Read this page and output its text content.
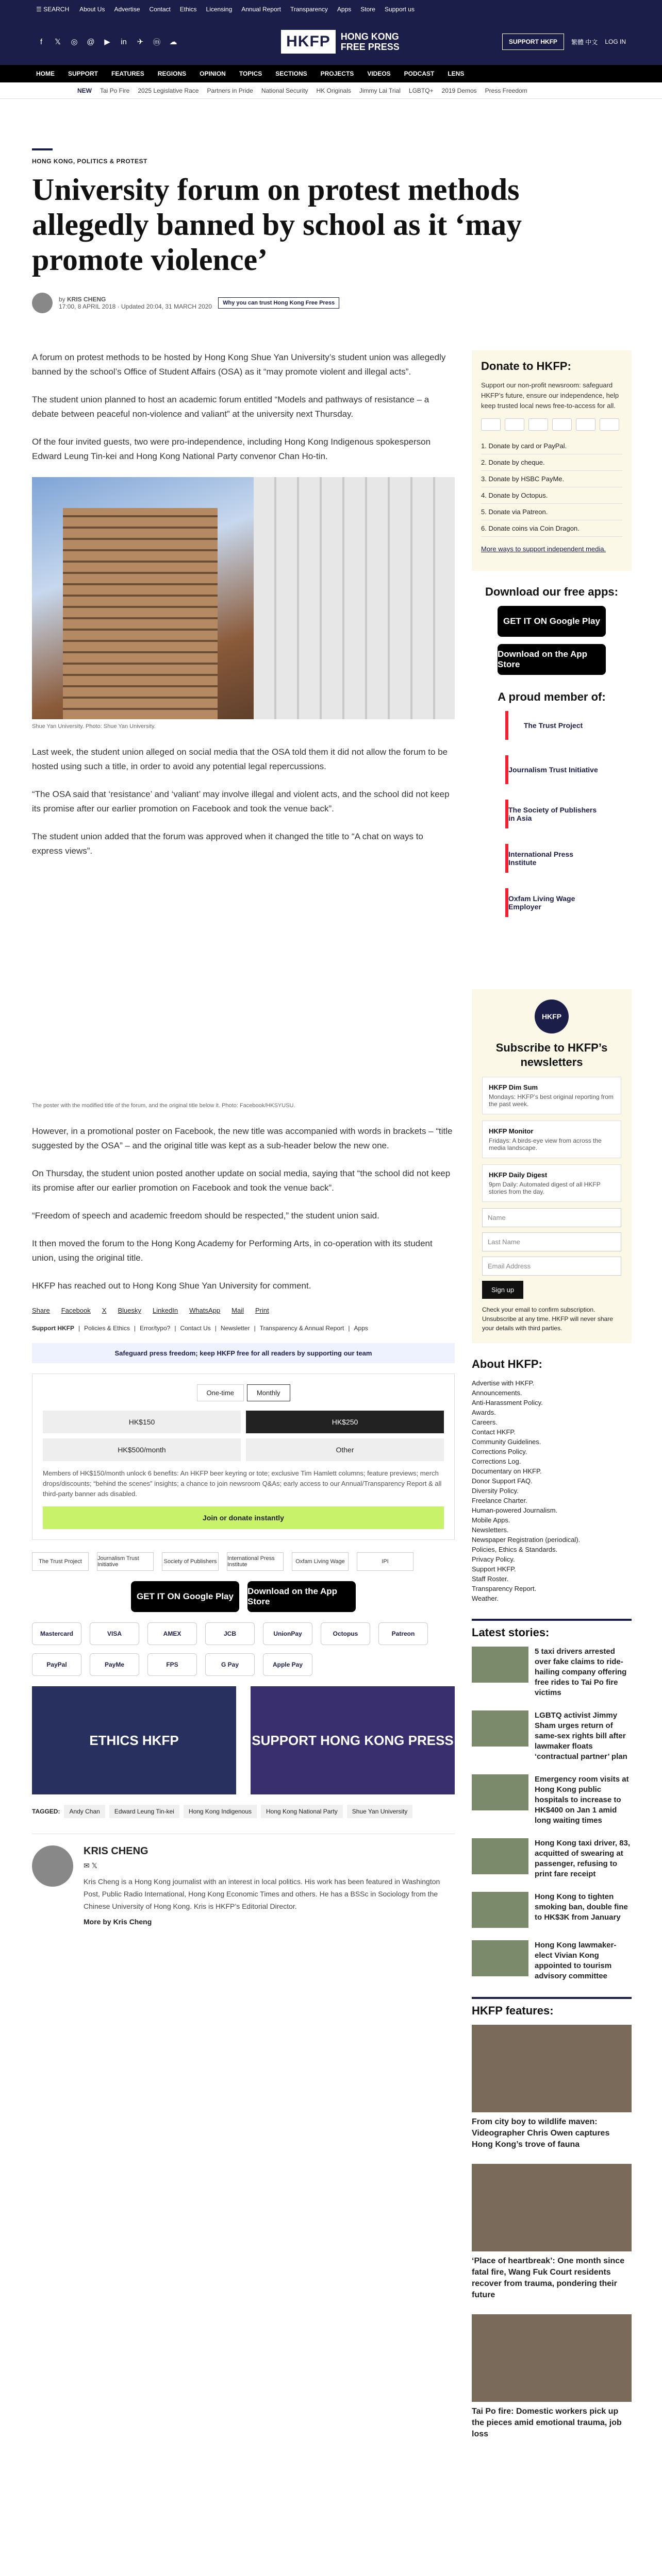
☰ SEARCH About Us Advertise Contact Ethics Licensing Annual Report Transparency Apps Store Support us
f	𝕏 ◎ @ ▶ in ✈ ⓜ ☁	HKFP	HONG KONG
FREE PRESS	SUPPORT HKFP	繁體 中文 LOG IN
HOME SUPPORT FEATURES REGIONS OPINION TOPICS SECTIONS PROJECTS VIDEOS PODCAST LENS
NEW Tai Po Fire 2025 Legislative Race Partners in Pride National Security HK Originals Jimmy Lai Trial LGBTQ+ 2019 Demos Press Freedom
HONG KONG, POLITICS & PROTEST
University forum on protest methods allegedly banned by school as it ‘may promote violence’
by KRIS CHENG
17:00, 8 APRIL 2018 · Updated 20:04, 31 MARCH 2020	Why you can trust Hong Kong Free Press

A forum on protest methods to be hosted by Hong Kong Shue Yan University’s student union was allegedly banned by the school’s Office of Student Affairs (OSA) as it “may promote violent and illegal acts”.

The student union planned to host an academic forum entitled “Models and pathways of resistance – a debate between peaceful non-violence and valiant” at the university next Thursday.

Of the four invited guests, two were pro-independence, including Hong Kong Indigenous spokesperson Edward Leung Tin-kei and Hong Kong National Party convenor Chan Ho-tin.

Shue Yan University. Photo: Shue Yan University.

Last week, the student union alleged on social media that the OSA told them it did not allow the forum to be hosted using such a title, in order to avoid any potential legal repercussions.

“The OSA said that ‘resistance’ and ‘valiant’ may involve illegal and violent acts, and the school did not keep its promise after our earlier promotion on Facebook and took the venue back”.

The student union added that the forum was approved when it changed the title to “A chat on ways to express views”.

The poster with the modified title of the forum, and the original title below it. Photo: Facebook/HKSYUSU.

However, in a promotional poster on Facebook, the new title was accompanied with words in brackets – “title suggested by the OSA” – and the original title was kept as a sub-header below the new one.

On Thursday, the student union posted another update on social media, saying that “the school did not keep its promise after our earlier promotion on Facebook and took the venue back”.

“Freedom of speech and academic freedom should be respected,” the student union said.

It then moved the forum to the Hong Kong Academy for Performing Arts, in co-operation with its student union, using the original title.

HKFP has reached out to Hong Kong Shue Yan University for comment.

Share Facebook X Bluesky LinkedIn WhatsApp Mail Print
Support HKFP | Policies & Ethics | Error/typo? | Contact Us | Newsletter | Transparency & Annual Report | Apps
Safeguard press freedom; keep HKFP free for all readers by supporting our team
One-time	Monthly
HK$150	HK$250
HK$500/month	Other
Members of HK$150/month unlock 6 benefits: An HKFP beer keyring or tote; exclusive Tim Hamlett columns; feature previews; merch drops/discounts; “behind the scenes” insights; a chance to join newsroom Q&As; early access to our Annual/Transparency Report & all third-party banner ads disabled.
Join or donate instantly
The Trust Project	Journalism Trust Initiative	Society of Publishers	International Press Institute	Oxfam Living Wage	IPI
GET IT ON Google Play
Download on the App Store
Mastercard	VISA	AMEX	JCB	UnionPay	Octopus	Patreon
PayPal	PayMe	FPS	G Pay	Apple Pay
ETHICS HKFP	SUPPORT HONG KONG PRESS
TAGGED:	Andy Chan	Edward Leung Tin-kei	Hong Kong Indigenous	Hong Kong National Party	Shue Yan University
KRIS CHENG
✉ 𝕏

Kris Cheng is a Hong Kong journalist with an interest in local politics. His work has been featured in Washington Post, Public Radio International, Hong Kong Economic Times and others. He has a BSSc in Sociology from the Chinese University of Hong Kong. Kris is HKFP’s Editorial Director.

More by Kris Cheng
Donate to HKFP:

Support our non-profit newsroom: safeguard HKFP’s future, ensure our independence, help keep trusted local news free-to-access for all.

1. Donate by card or PayPal.
2. Donate by cheque.
3. Donate by HSBC PayMe.
4. Donate by Octopus.
5. Donate via Patreon.
6. Donate coins via Coin Dragon.

More ways to support independent media.

Download our free apps:
GET IT ON Google Play
Download on the App Store
A proud member of:
The Trust Project
Journalism Trust Initiative
The Society of Publishers in Asia
International Press Institute
Oxfam Living Wage Employer
HKFP
Subscribe to HKFP’s newsletters
HKFP Dim Sum
Mondays: HKFP’s best original reporting from the past week.
HKFP Monitor
Fridays: A birds-eye view from across the media landscape.
HKFP Daily Digest
9pm Daily: Automated digest of all HKFP stories from the day.
Name
Last Name
Email Address
Sign up

Check your email to confirm subscription. Unsubscribe at any time. HKFP will never share your details with third parties.

About HKFP:
Advertise with HKFP.
Announcements.
Anti-Harassment Policy.
Awards.
Careers.
Contact HKFP.
Community Guidelines.
Corrections Policy.
Corrections Log.
Documentary on HKFP.
Donor Support FAQ.
Diversity Policy.
Freelance Charter.
Human-powered Journalism.
Mobile Apps.
Newsletters.
Newspaper Registration (periodical).
Policies, Ethics & Standards.
Privacy Policy.
Support HKFP.
Staff Roster.
Transparency Report.
Weather.
Latest stories:
5 taxi drivers arrested over fake claims to ride-hailing company offering free rides to Tai Po fire victims
LGBTQ activist Jimmy Sham urges return of same-sex rights bill after lawmaker floats ‘contractual partner’ plan
Emergency room visits at Hong Kong public hospitals to increase to HK$400 on Jan 1 amid long waiting times
Hong Kong taxi driver, 83, acquitted of swearing at passenger, refusing to print fare receipt
Hong Kong to tighten smoking ban, double fine to HK$3K from January
Hong Kong lawmaker-elect Vivian Kong appointed to tourism advisory committee
HKFP features:
From city boy to wildlife maven: Videographer Chris Owen captures Hong Kong’s trove of fauna
‘Place of heartbreak’: One month since fatal fire, Wang Fuk Court residents recover from trauma, pondering their future
Tai Po fire: Domestic workers pick up the pieces amid emotional trauma, job loss
